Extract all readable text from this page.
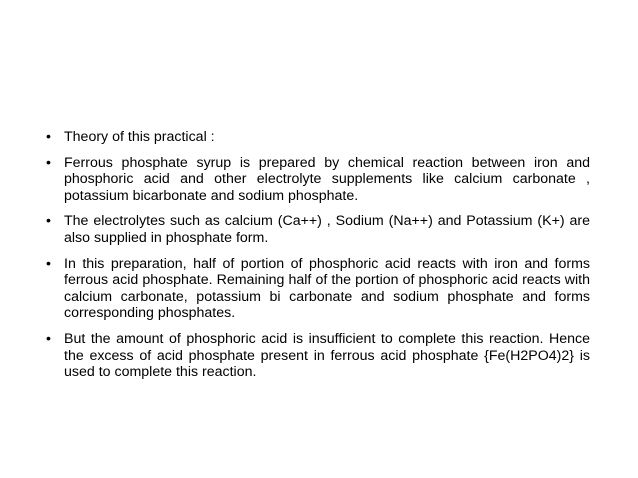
• Theory of this practical :
• Ferrous phosphate syrup is prepared by chemical reaction between iron and phosphoric acid and other electrolyte supplements like calcium carbonate , potassium bicarbonate and sodium phosphate.
• The electrolytes such as calcium (Ca++) , Sodium (Na++) and Potassium (K+) are also supplied in phosphate form.
• In this preparation, half of portion of phosphoric acid reacts with iron and forms ferrous acid phosphate. Remaining half of the portion of phosphoric acid reacts with calcium carbonate, potassium bi carbonate and sodium phosphate and forms corresponding phosphates.
• But the amount of phosphoric acid is insufficient to complete this reaction. Hence the excess of acid phosphate present in ferrous acid phosphate {Fe(H2PO4)2} is used to complete this reaction.
